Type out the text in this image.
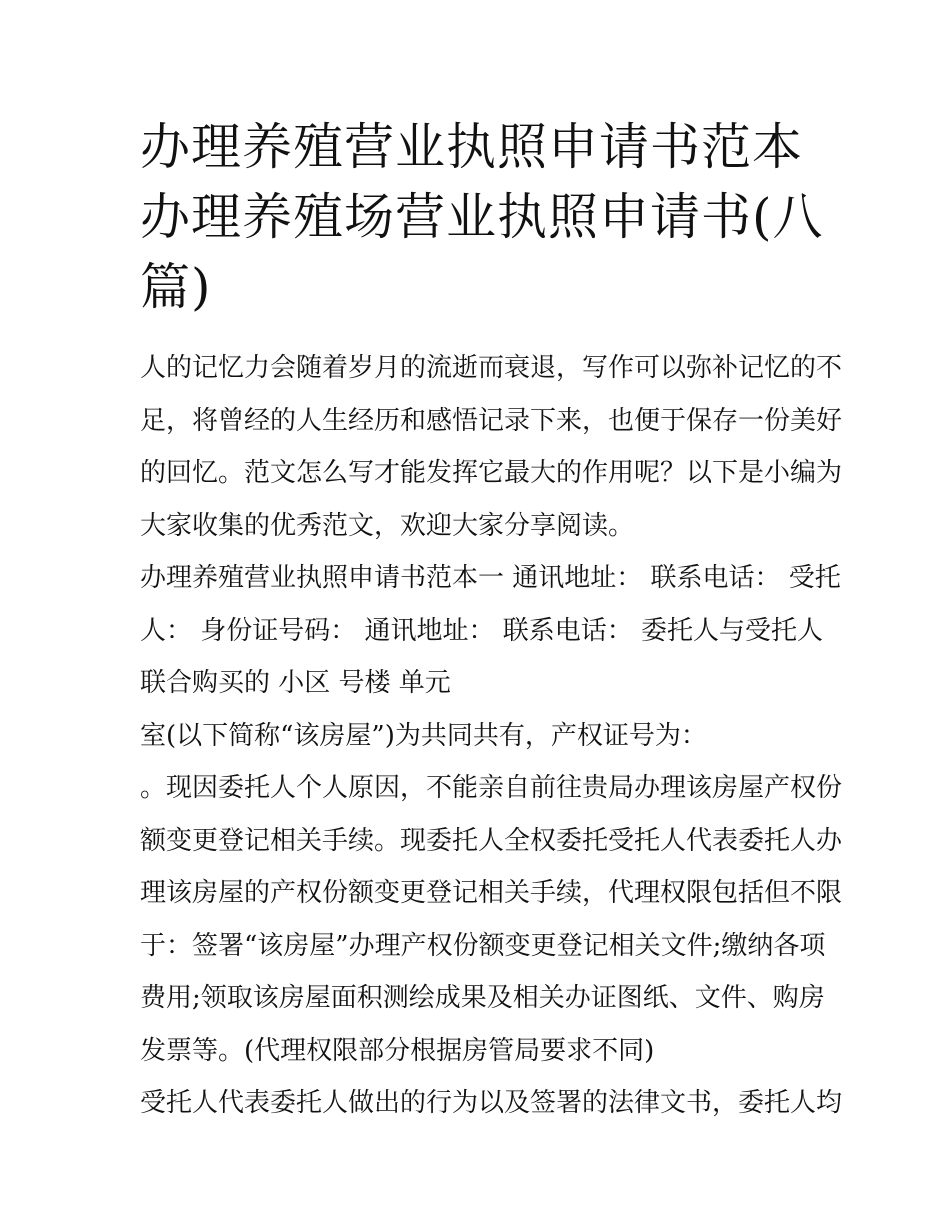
办理养殖营业执照申请书范本
办理养殖场营业执照申请书(八
篇)
人的记忆力会随着岁月的流逝而衰退，写作可以弥补记忆的不
足，将曾经的人生经历和感悟记录下来，也便于保存一份美好
的回忆。范文怎么写才能发挥它最大的作用呢？以下是小编为
大家收集的优秀范文，欢迎大家分享阅读。
办理养殖营业执照申请书范本一 通讯地址： 联系电话： 受托
人： 身份证号码： 通讯地址： 联系电话： 委托人与受托人
联合购买的 小区 号楼 单元
室(以下简称“该房屋”)为共同共有，产权证号为：
。现因委托人个人原因，不能亲自前往贵局办理该房屋产权份
额变更登记相关手续。现委托人全权委托受托人代表委托人办
理该房屋的产权份额变更登记相关手续，代理权限包括但不限
于：签署“该房屋”办理产权份额变更登记相关文件;缴纳各项
费用;领取该房屋面积测绘成果及相关办证图纸、文件、购房
发票等。(代理权限部分根据房管局要求不同)
受托人代表委托人做出的行为以及签署的法律文书，委托人均
